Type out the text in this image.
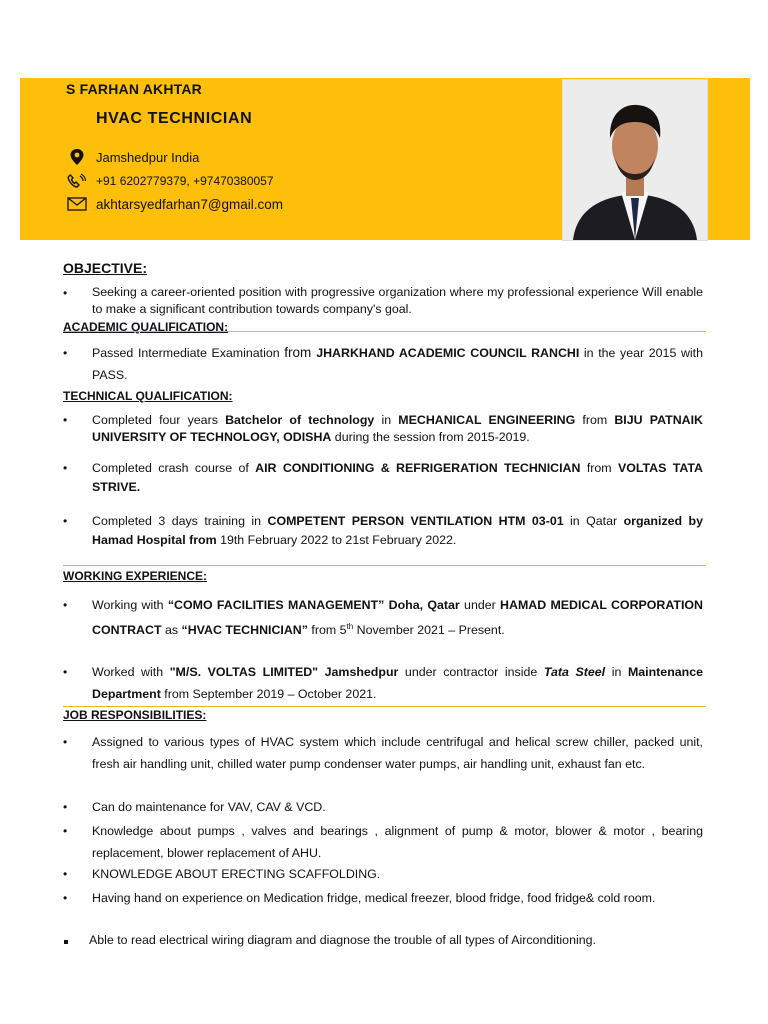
S FARHAN AKHTAR
HVAC TECHNICIAN
Jamshedpur India
+91 6202779379, +97470380057
akhtarsyedfarhan7@gmail.com
OBJECTIVE:
•	Seeking a career-oriented position with progressive organization where my professional experience Will enable to make a significant contribution towards company's goal.
ACADEMIC QUALIFICATION:
•	Passed Intermediate Examination from JHARKHAND ACADEMIC COUNCIL RANCHI in the year 2015 with PASS.
TECHNICAL QUALIFICATION:
•	Completed four years Batchelor of technology in MECHANICAL ENGINEERING from BIJU PATNAIK UNIVERSITY OF TECHNOLOGY, ODISHA during the session from 2015-2019.
•	Completed crash course of AIR CONDITIONING & REFRIGERATION TECHNICIAN from VOLTAS TATA STRIVE.
•	Completed 3 days training in COMPETENT PERSON VENTILATION HTM 03-01 in Qatar organized by Hamad Hospital from 19th February 2022 to 21st February 2022.
WORKING EXPERIENCE:
•	Working with “COMO FACILITIES MANAGEMENT” Doha, Qatar under HAMAD MEDICAL CORPORATION CONTRACT as “HVAC TECHNICIAN” from 5th November 2021 – Present.
•	Worked with "M/S. VOLTAS LIMITED" Jamshedpur under contractor inside Tata Steel in Maintenance Department from September 2019 – October 2021.
JOB RESPONSIBILITIES:
•	Assigned to various types of HVAC system which include centrifugal and helical screw chiller, packed unit, fresh air handling unit, chilled water pump condenser water pumps, air handling unit, exhaust fan etc.
•	Can do maintenance for VAV, CAV & VCD.
•	Knowledge about pumps , valves and bearings , alignment of pump & motor, blower & motor , bearing replacement, blower replacement of AHU.
•	KNOWLEDGE ABOUT ERECTING SCAFFOLDING.
•	Having hand on experience on Medication fridge, medical freezer, blood fridge, food fridge& cold room.
Able to read electrical wiring diagram and diagnose the trouble of all types of Airconditioning.
